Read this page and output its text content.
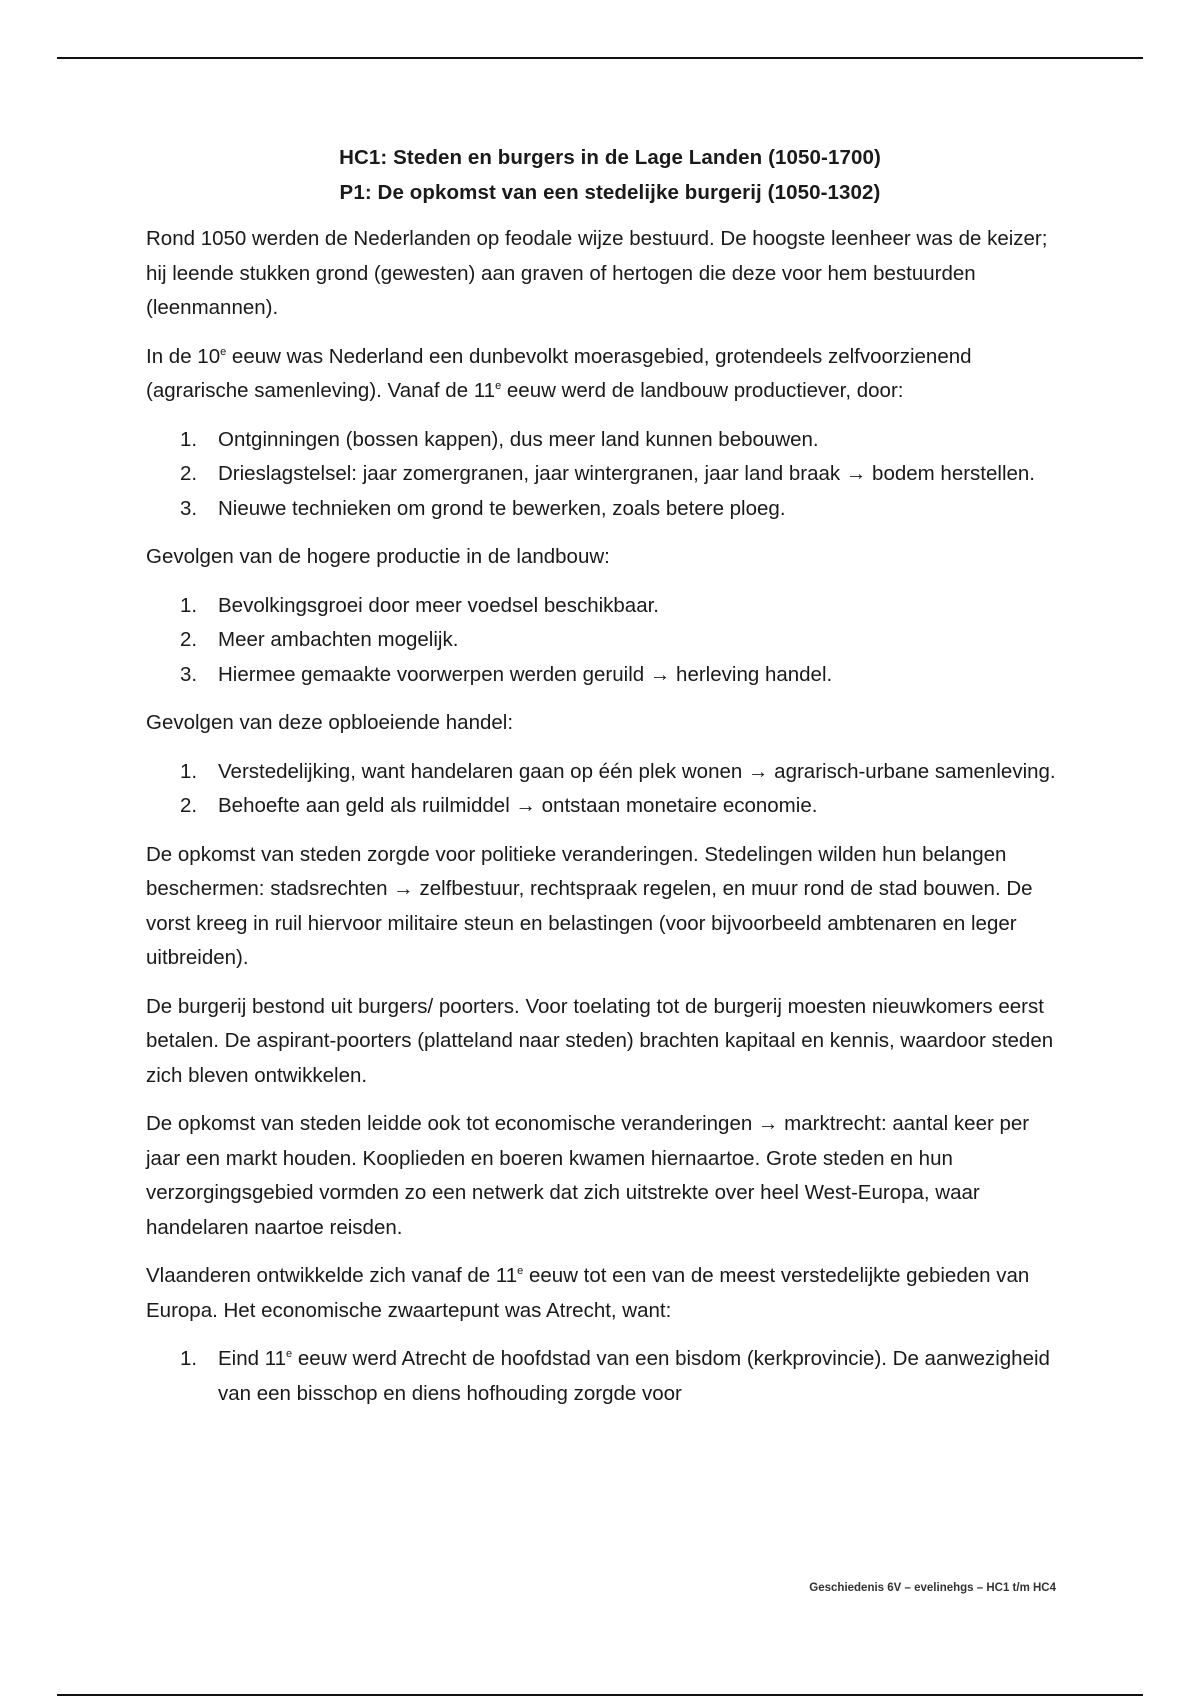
HC1: Steden en burgers in de Lage Landen (1050-1700)
P1: De opkomst van een stedelijke burgerij (1050-1302)

Rond 1050 werden de Nederlanden op feodale wijze bestuurd. De hoogste leenheer was de keizer; hij leende stukken grond (gewesten) aan graven of hertogen die deze voor hem bestuurden (leenmannen).

In de 10e eeuw was Nederland een dunbevolkt moerasgebied, grotendeels zelfvoorzienend (agrarische samenleving). Vanaf de 11e eeuw werd de landbouw productiever, door:

1. Ontginningen (bossen kappen), dus meer land kunnen bebouwen.
2. Drieslagstelsel: jaar zomergranen, jaar wintergranen, jaar land braak → bodem herstellen.
3. Nieuwe technieken om grond te bewerken, zoals betere ploeg.

Gevolgen van de hogere productie in de landbouw:

1. Bevolkingsgroei door meer voedsel beschikbaar.
2. Meer ambachten mogelijk.
3. Hiermee gemaakte voorwerpen werden geruild → herleving handel.

Gevolgen van deze opbloeiende handel:

1. Verstedelijking, want handelaren gaan op één plek wonen → agrarisch-urbane samenleving.
2. Behoefte aan geld als ruilmiddel → ontstaan monetaire economie.

De opkomst van steden zorgde voor politieke veranderingen. Stedelingen wilden hun belangen beschermen: stadsrechten → zelfbestuur, rechtspraak regelen, en muur rond de stad bouwen. De vorst kreeg in ruil hiervoor militaire steun en belastingen (voor bijvoorbeeld ambtenaren en leger uitbreiden).

De burgerij bestond uit burgers/ poorters. Voor toelating tot de burgerij moesten nieuwkomers eerst betalen. De aspirant-poorters (platteland naar steden) brachten kapitaal en kennis, waardoor steden zich bleven ontwikkelen.

De opkomst van steden leidde ook tot economische veranderingen → marktrecht: aantal keer per jaar een markt houden. Kooplieden en boeren kwamen hiernaartoe. Grote steden en hun verzorgingsgebied vormden zo een netwerk dat zich uitstrekte over heel West-Europa, waar handelaren naartoe reisden.

Vlaanderen ontwikkelde zich vanaf de 11e eeuw tot een van de meest verstedelijkte gebieden van Europa. Het economische zwaartepunt was Atrecht, want:

1. Eind 11e eeuw werd Atrecht de hoofdstad van een bisdom (kerkprovincie). De aanwezigheid van een bisschop en diens hofhouding zorgde voor
Geschiedenis 6V – evelinehgs – HC1 t/m HC4
